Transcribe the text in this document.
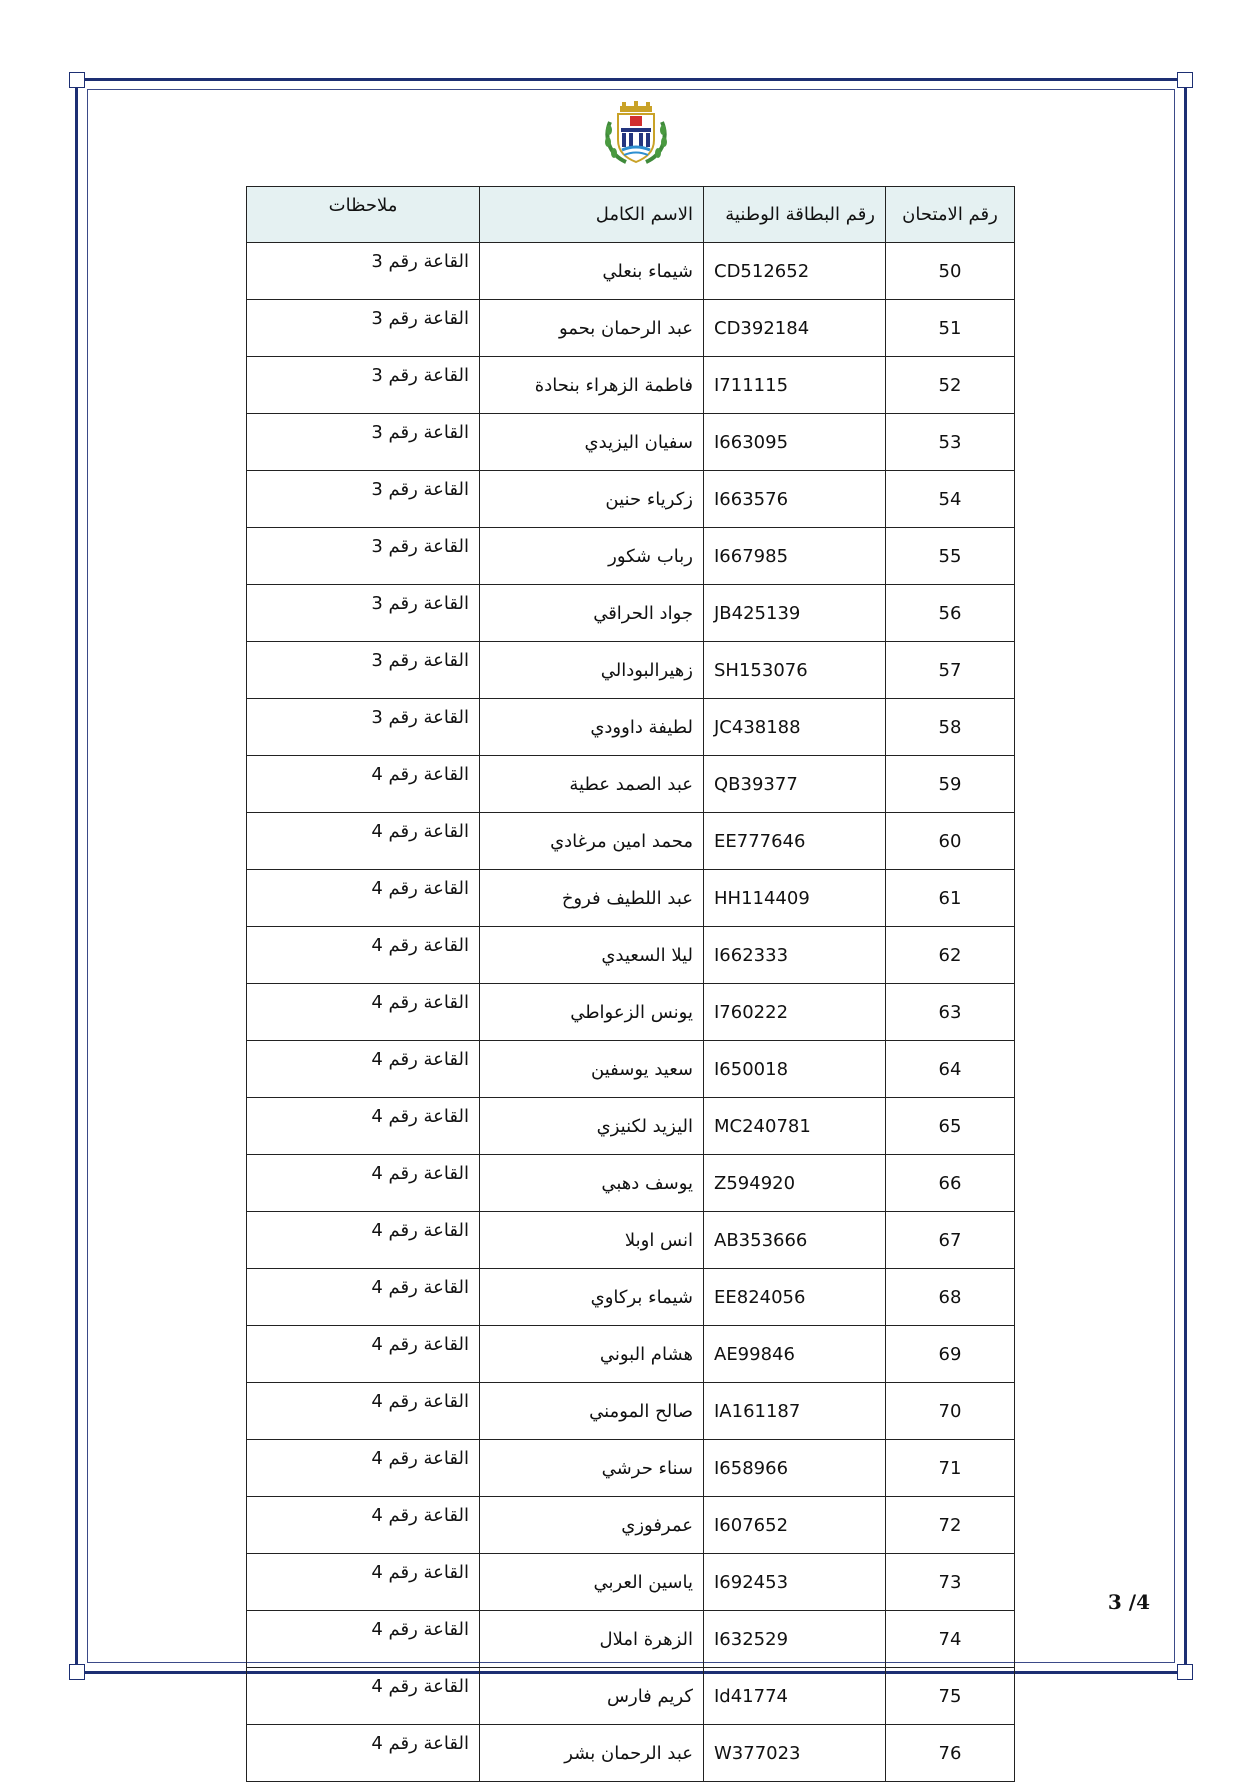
رقم الامتحان	رقم البطاقة الوطنية	الاسم الكامل	ملاحظات
50	CD512652	شيماء بنعلي	القاعة رقم 3
51	CD392184	عبد الرحمان بحمو	القاعة رقم 3
52	I711115	فاطمة الزهراء بنحادة	القاعة رقم 3
53	I663095	سفيان اليزيدي	القاعة رقم 3
54	I663576	زكرياء حنين	القاعة رقم 3
55	I667985	رباب شكور	القاعة رقم 3
56	JB425139	جواد الحراقي	القاعة رقم 3
57	SH153076	زهيرالبودالي	القاعة رقم 3
58	JC438188	لطيفة داوودي	القاعة رقم 3
59	QB39377	عبد الصمد عطية	القاعة رقم 4
60	EE777646	محمد امين مرغادي	القاعة رقم 4
61	HH114409	عبد اللطيف فروخ	القاعة رقم 4
62	I662333	ليلا السعيدي	القاعة رقم 4
63	I760222	يونس الزعواطي	القاعة رقم 4
64	I650018	سعيد يوسفين	القاعة رقم 4
65	MC240781	اليزيد لكنيزي	القاعة رقم 4
66	Z594920	يوسف دهبي	القاعة رقم 4
67	AB353666	انس اوبلا	القاعة رقم 4
68	EE824056	شيماء بركاوي	القاعة رقم 4
69	AE99846	هشام البوني	القاعة رقم 4
70	IA161187	صالح المومني	القاعة رقم 4
71	I658966	سناء حرشي	القاعة رقم 4
72	I607652	عمرفوزي	القاعة رقم 4
73	I692453	ياسين العربي	القاعة رقم 4
74	I632529	الزهرة املال	القاعة رقم 4
75	Id41774	كريم فارس	القاعة رقم 4
76	W377023	عبد الرحمان بشر	القاعة رقم 4
3 /4
